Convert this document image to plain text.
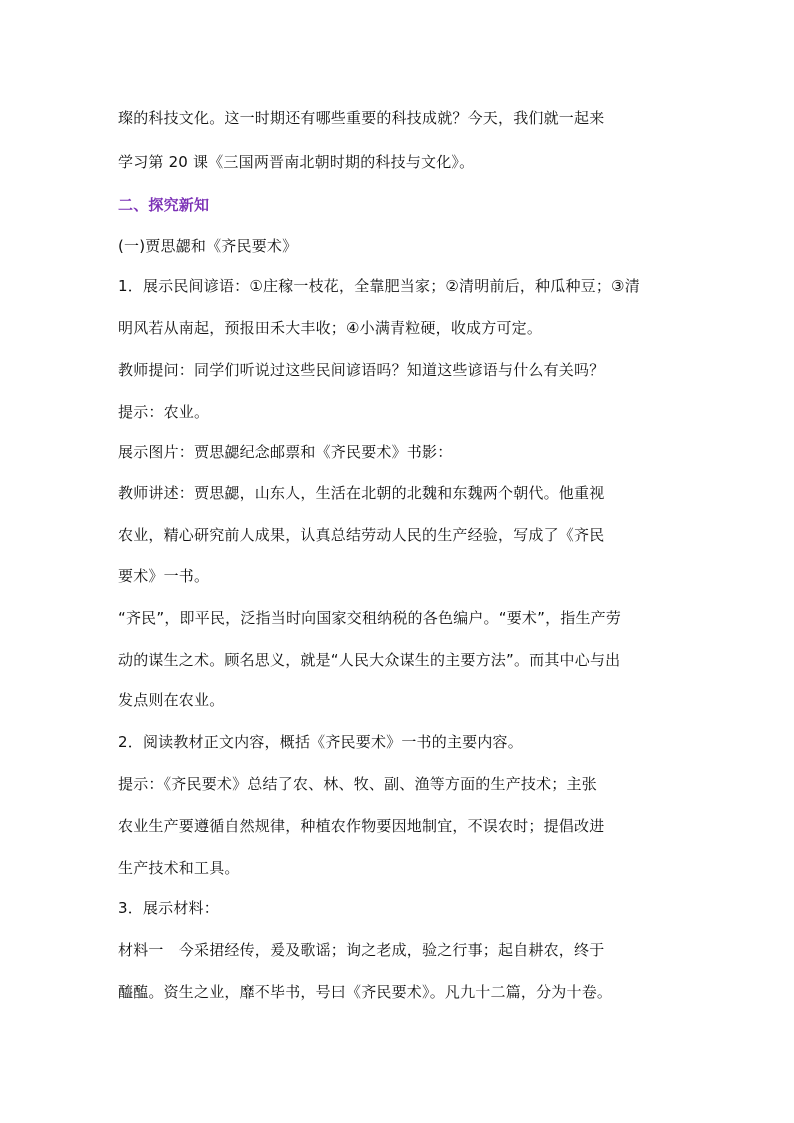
璨的科技文化。这一时期还有哪些重要的科技成就？今天，我们就一起来
学习第 20 课《三国两晋南北朝时期的科技与文化》。
二、探究新知
(一)贾思勰和《齐民要术》
1．展示民间谚语：①庄稼一枝花，全靠肥当家；②清明前后，种瓜种豆；③清
明风若从南起，预报田禾大丰收；④小满青粒硬，收成方可定。
教师提问：同学们听说过这些民间谚语吗？知道这些谚语与什么有关吗？
提示：农业。
展示图片：贾思勰纪念邮票和《齐民要术》书影：
教师讲述：贾思勰，山东人，生活在北朝的北魏和东魏两个朝代。他重视
农业，精心研究前人成果，认真总结劳动人民的生产经验，写成了《齐民
要术》一书。
“齐民”，即平民，泛指当时向国家交租纳税的各色编户。“要术”，指生产劳
动的谋生之术。顾名思义，就是“人民大众谋生的主要方法”。而其中心与出
发点则在农业。
2．阅读教材正文内容，概括《齐民要术》一书的主要内容。
提示：《齐民要术》总结了农、林、牧、副、渔等方面的生产技术；主张
农业生产要遵循自然规律，种植农作物要因地制宜，不误农时；提倡改进
生产技术和工具。
3．展示材料：
材料一　今采捃经传，爰及歌谣；询之老成，验之行事；起自耕农，终于
醯醢。资生之业，靡不毕书，号曰《齐民要术》。凡九十二篇，分为十卷。
